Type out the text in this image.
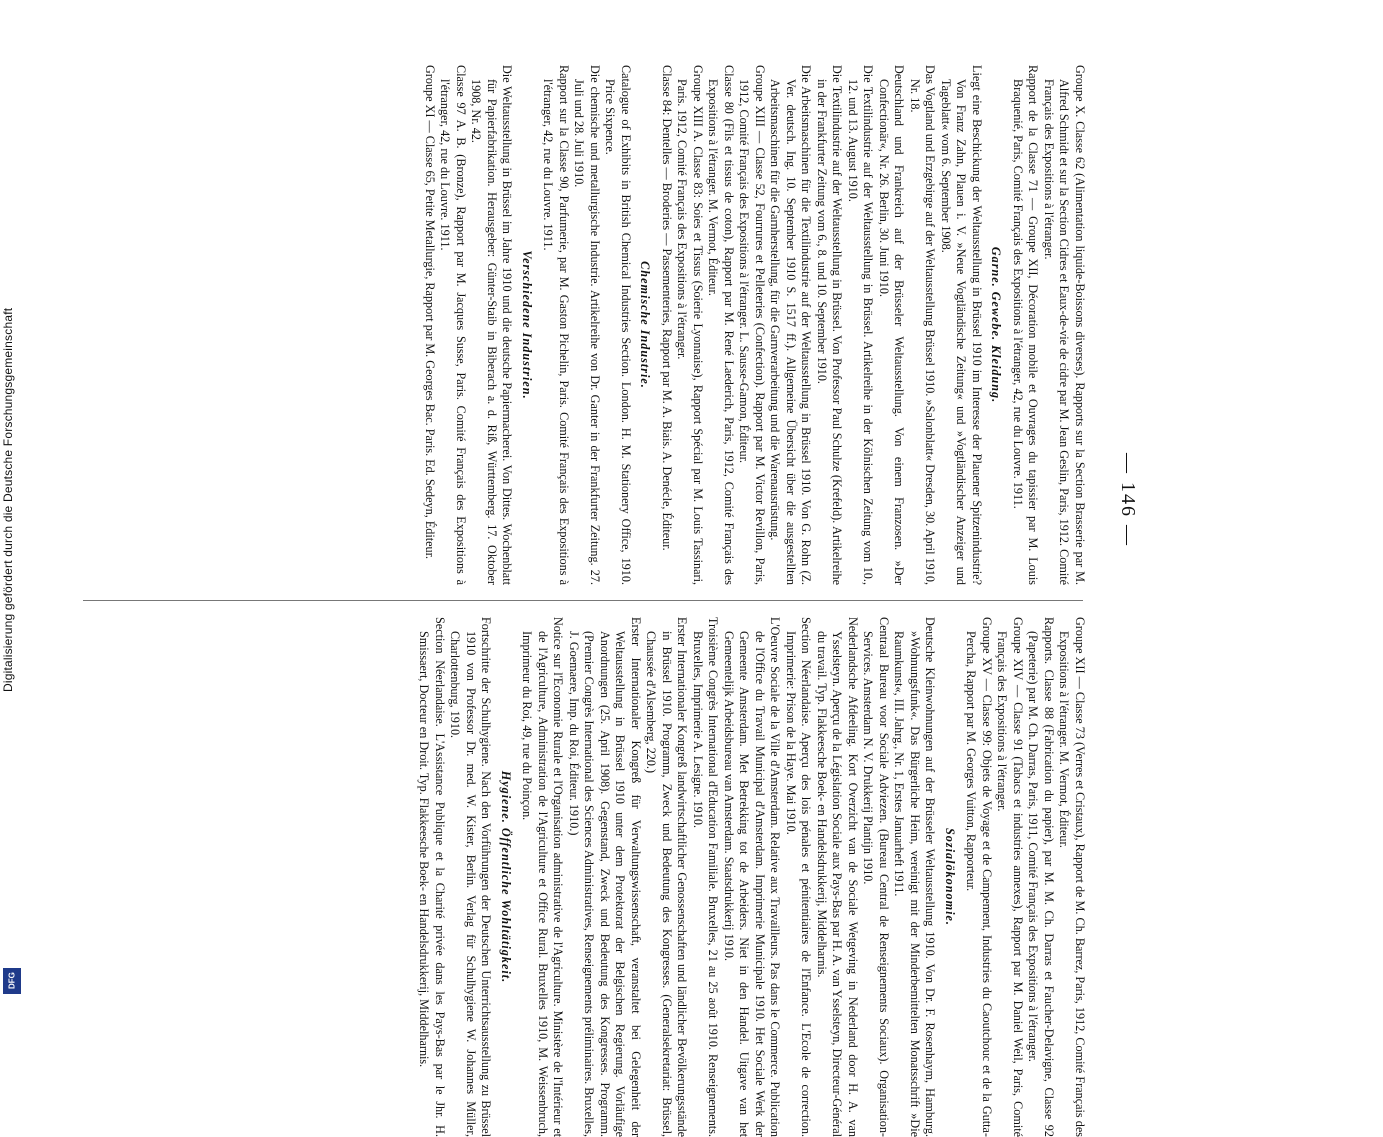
Digitalisierung gefördert durch die Deutsche Forschungsgemeinschaft
DFG
— 146 —
Groupe X. Classe 62 (Alimentation liquide-Boissons diverses). Rapports sur la Section Brasserie par M. Alfred Schmidt et sur la Section Cidres et Eaux-de-vie de cidre par M. Jean Geslin, Paris, 1912. Comité Français des Expositions à l'étranger.
Rapport de la Classe 71 — Groupe XII, Décoration mobile et Ouvrages du tapissier par M. Louis Braquenié, Paris, Comité Français des Expositions à l'étranger, 42, rue du Louvre. 1911.
Garne. Gewebe. Kleidung.
Liegt eine Beschickung der Weltausstellung in Brüssel 1910 im Interesse der Plauener Spitzenindustrie? Von Franz Zahn, Plauen i. V. »Neue Vogtländische Zeitung« und »Vogtländischer Anzeiger und Tageblatt« vom 6. September 1908.
Das Vogtland und Erzgebirge auf der Weltausstellung Brüssel 1910. »Salonblatt« Dresden, 30. April 1910, Nr. 18.
Deutschland und Frankreich auf der Brüsseler Weltausstellung. Von einem Franzosen. »Der Confectionär«, Nr. 26. Berlin, 30. Juni 1910.
Die Textilindustrie auf der Weltausstellung in Brüssel. Artikelreihe in der Kölnischen Zeitung vom 10., 12. und 13. August 1910.
Die Textilindustrie auf der Weltausstellung in Brüssel. Von Professor Paul Schulze (Krefeld). Artikelreihe in der Frankfurter Zeitung vom 6., 8. und 10. September 1910.
Die Arbeitsmaschinen für die Textilindustrie auf der Weltausstellung in Brüssel 1910. Von G. Rohn (Z. Ver. deutsch. Ing. 10. September 1910 S. 1517 ff.). Allgemeine Übersicht über die ausgestellten Arbeitsmaschinen für die Garnherstellung, für die Garnverarbeitung und die Warenausrüstung.
Groupe XIII — Classe 52, Fourrures et Pelleteries (Confection). Rapport par M. Victor Revillon, Paris, 1912, Comité Français des Expositions à l'étranger. L. Sausse-Gamon, Éditeur.
Classe 80 (Fils et tissus de coton), Rapport par M. René Laederich, Paris, 1912, Comité Français des Expositions à l'étranger. M. Vermot, Éditeur.
Groupe XIII A. Classe 83: Soies et Tissus (Soierie Lyonnaise), Rapport Spécial par M. Louis Tassinari, Paris. 1912, Comité Français des Expositions à l'étranger.
Classe 84: Dentelles — Broderies — Passementeries, Rapport par M. A. Biais. A. Denécle, Éditeur.
Chemische Industrie.
Catalogue of Exhibits in British Chemical Industries Section. London. H. M. Stationery Office, 1910. Price Sixpence.
Die chemische und metallurgische Industrie. Artikelreihe von Dr. Ganter in der Frankfurter Zeitung. 27. Juli und 28. Juli 1910.
Rapport sur la Classe 90, Parfumerie, par M. Gaston Pichelin, Paris. Comité Français des Expositions à l'étranger, 42, rue du Louvre. 1911.
Verschiedene Industrien.
Die Weltausstellung in Brüssel im Jahre 1910 und die deutsche Papiermacherei. Von Dittes. Wochenblatt für Papierfabrikation. Herausgeber: Günter-Staib in Biberach a. d. Riß, Württemberg. 17. Oktober 1908, Nr. 42.
Classe 97 A. B. (Bronze), Rapport par M. Jacques Susse, Paris. Comité Français des Expositions à l'étranger, 42, rue du Louvre. 1911.
Groupe XI — Classe 65, Petite Metallurgie, Rapport par M. Georges Bac. Paris. Ed. Sedeyn, Éditeur.
Groupe XII — Classe 73 (Verres et Cristaux), Rapport de M. Ch. Barrez, Paris, 1912, Comité Français des Expositions à l'étranger. M. Vermot, Éditeur.
Rapports. Classe 88 (Fabrication du papier), par M. M. Ch. Darras et Faucher-Delavigne, Classe 92 (Papeterie) par M. Ch. Darras, Paris, 1911, Comité Français des Expositions à l'étranger.
Groupe XIV — Classe 91 (Tabacs et industries annexes), Rapport par M. Daniel Weil, Paris, Comité Français des Expositions à l'étranger.
Groupe XV — Classe 99: Objets de Voyage et de Campement, Industries du Caoutchouc et de la Gutta-Percha, Rapport par M. Georges Vuitton, Rapporteur.
Sozialökonomie.
Deutsche Kleinwohnungen auf der Brüsseler Weltausstellung 1910. Von Dr. F. Rosenhaym, Hamburg. »Wohnungsfunk«. Das Bürgerliche Heim, vereinigt mit der Minderbemittelten Monatsschrift »Die Raumkunst«, III. Jahrg., Nr. 1, Erstes Januarheft 1911.
Centraal Bureau voor Sociale Adviezen. (Bureau Central de Renseignements Sociaux). Organisation-Services. Amsterdam N. V. Drukkerij Plantijn 1910.
Nederlandsche Afdeeling. Kort Overzicht van de Sociale Wetgeving in Nederland door H. A. van Ysselsteyn. Aperçu de la Législation Sociale aux Pays-Bas par H. A. van Ysselsteyn, Directeur-Général du travail. Typ. Flakkeesche Boek- en Handelsdrukkerij, Middelharnis.
Section Néerlandaise. Aperçu des lois pénales et pénitentiaires de l'Enfance. L'Ecole de correction. Imprimerie: Prison de la Haye. Mai 1910.
L'Oeuvre Sociale de la Ville d'Amsterdam. Relative aux Travailleurs. Pas dans le Commerce. Publication de l'Office du Travail Municipal d'Amsterdam. Imprimerie Municipale 1910. Het Sociale Werk der Gemeente Amsterdam. Met Betrekking tot de Arbeiders. Niet in den Handel. Uitgave van het Gemeentelijk Arbeidsbureau van Amsterdam. Staatsdrukkerij 1910.
Troisième Congrès International d'Education Familiale. Bruxelles, 21 au 25 août 1910. Renseignements. Bruxelles, Imprimerie A. Lesigne. 1910.
Erster Internationaler Kongreß landwirtschaftlicher Genossenschaften und ländlicher Bevölkerungsstände in Brüssel 1910. Programm, Zweck und Bedeutung des Kongresses. (Generalsekretariat: Brüssel, Chaussée d'Alsemberg, 220.)
Erster Internationaler Kongreß für Verwaltungswissenschaft, veranstaltet bei Gelegenheit der Weltausstellung in Brüssel 1910 unter dem Protektorat der Belgischen Regierung. Vorläufige Anordnungen (25. April 1908). Gegenstand, Zweck und Bedeutung des Kongresses. Programm. (Premier Congrès International des Sciences Administratives, Renseignements préliminaires. Bruxelles, J. Goemaere, Imp. du Roi, Éditeur. 1910.)
Notice sur l'Economie Rurale et l'Organisation administrative de l'Agriculture. Ministère de l'Intérieur et de l'Agriculture, Administration de l'Agriculture et Office Rural. Bruxelles 1910, M. Weissenbruch, Imprimeur du Roi, 49, rue du Poinçon.
Hygiene. Öffentliche Wohltätigkeit.
Fortschritte der Schulhygiene. Nach den Vorführungen der Deutschen Unterrichtsausstellung zu Brüssel 1910 von Professor Dr. med. W. Kister, Berlin. Verlag für Schulhygiene W. Johannes Müller, Charlottenburg, 1910.
Section Néerlandaise. L'Assistance Publique et la Charité privée dans les Pays-Bas par le Jhr. H. Smissaert, Docteur en Droit. Typ. Flakkeesche Boek- en Handelsdrukkerij, Middelharnis.
